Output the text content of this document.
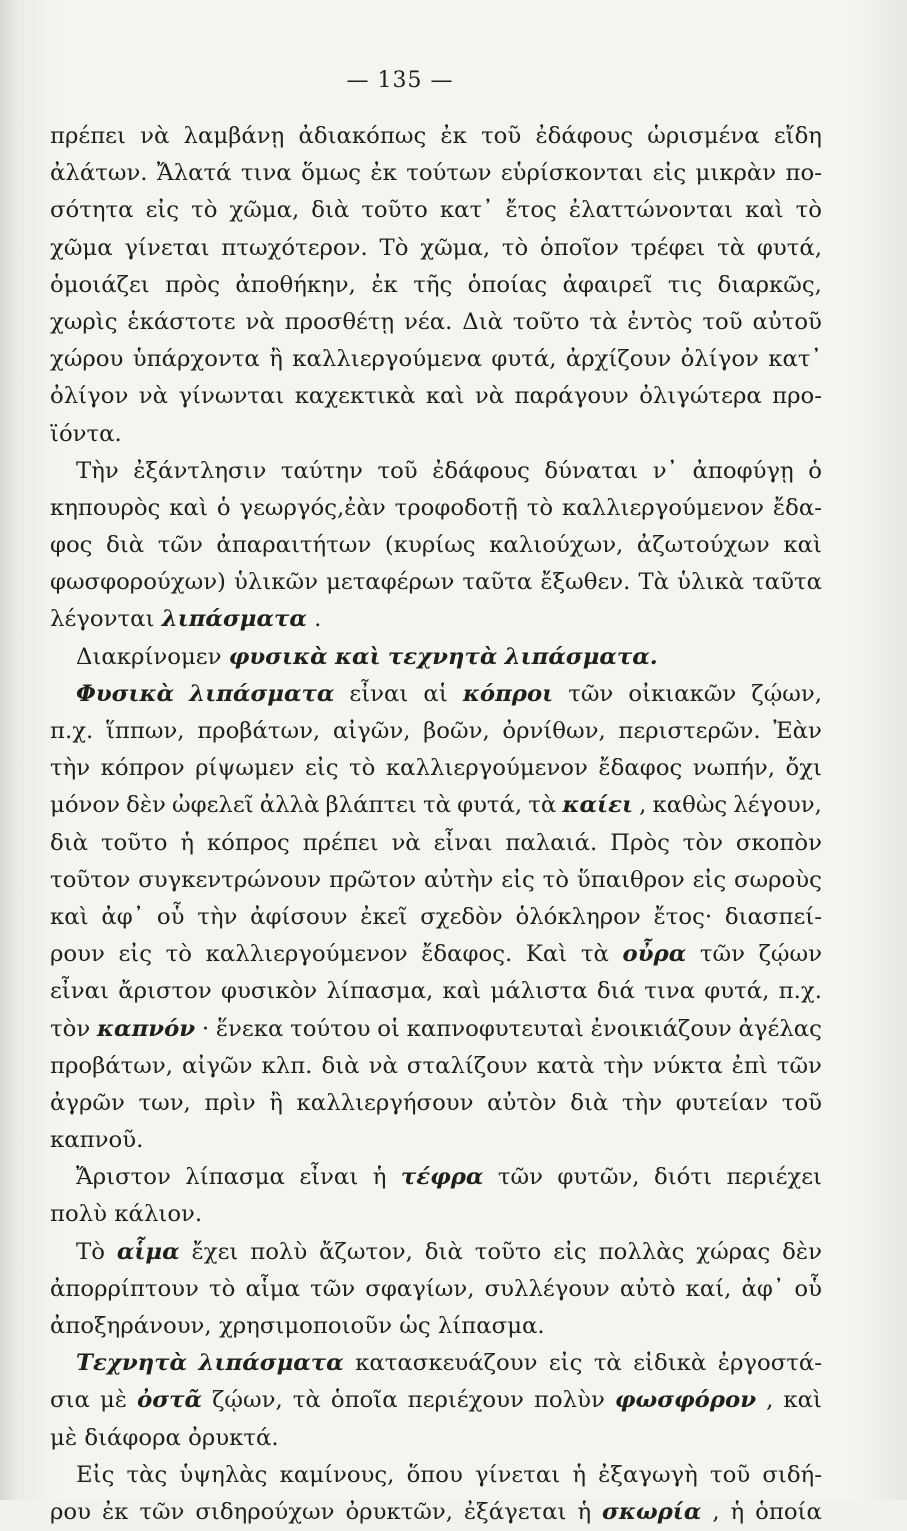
— 135 —
πρέπει νὰ λαμβάνῃ ἀδιακόπως ἐκ τοῦ ἐδάφους ὡρισμένα εἴδη
ἀλάτων. Ἄλατά τινα ὅμως ἐκ τούτων εὑρίσκονται εἰς μικρὰν πο-
σότητα εἰς τὸ χῶμα, διὰ τοῦτο κατ᾽ ἔτος ἐλαττώνονται καὶ τὸ
χῶμα γίνεται πτωχότερον. Τὸ χῶμα, τὸ ὁποῖον τρέφει τὰ φυτά,
ὁμοιάζει πρὸς ἀποθήκην, ἐκ τῆς ὁποίας ἀφαιρεῖ τις διαρκῶς,
χωρὶς ἑκάστοτε νὰ προσθέτῃ νέα. Διὰ τοῦτο τὰ ἐντὸς τοῦ αὐτοῦ
χώρου ὑπάρχοντα ἢ καλλιεργούμενα φυτά, ἀρχίζουν ὀλίγον κατ᾽
ὀλίγον νὰ γίνωνται καχεκτικὰ καὶ νὰ παράγουν ὀλιγώτερα προ-
ϊόντα.
Τὴν ἐξάντλησιν ταύτην τοῦ ἐδάφους δύναται ν᾽ ἀποφύγῃ ὁ
κηπουρὸς καὶ ὁ γεωργός,ἐὰν τροφοδοτῇ τὸ καλλιεργούμενον ἔδα-
φος διὰ τῶν ἀπαραιτήτων (κυρίως καλιούχων, ἀζωτούχων καὶ
φωσφορούχων) ὑλικῶν μεταφέρων ταῦτα ἔξωθεν. Τὰ ὑλικὰ ταῦτα
λέγονται λιπάσματα .
Διακρίνομεν φυσικὰ καὶ τεχνητὰ λιπάσματα.
Φυσικὰ λιπάσματα εἶναι αἱ κόπροι τῶν οἰκιακῶν ζῴων,
π.χ. ἵππων, προβάτων, αἰγῶν, βοῶν, ὀρνίθων, περιστερῶν. Ἐὰν
τὴν κόπρον ρίψωμεν εἰς τὸ καλλιεργούμενον ἔδαφος νωπήν, ὄχι
μόνον δὲν ὠφελεῖ ἀλλὰ βλάπτει τὰ φυτά, τὰ καίει , καθὼς λέγουν,
διὰ τοῦτο ἡ κόπρος πρέπει νὰ εἶναι παλαιά. Πρὸς τὸν σκοπὸν
τοῦτον συγκεντρώνουν πρῶτον αὐτὴν εἰς τὸ ὕπαιθρον εἰς σωροὺς
καὶ ἀφ᾽ οὗ τὴν ἀφίσουν ἐκεῖ σχεδὸν ὁλόκληρον ἔτος· διασπεί-
ρουν εἰς τὸ καλλιεργούμενον ἔδαφος. Καὶ τὰ οὖρα τῶν ζῴων
εἶναι ἄριστον φυσικὸν λίπασμα, καὶ μάλιστα διά τινα φυτά, π.χ.
τὸν καπνόν · ἕνεκα τούτου οἱ καπνοφυτευταὶ ἐνοικιάζουν ἀγέλας
προβάτων, αἰγῶν κλπ. διὰ νὰ σταλίζουν κατὰ τὴν νύκτα ἐπὶ τῶν
ἀγρῶν των, πρὶν ἢ καλλιεργήσουν αὐτὸν διὰ τὴν φυτείαν τοῦ
καπνοῦ.
Ἄριστον λίπασμα εἶναι ἡ τέφρα τῶν φυτῶν, διότι περιέχει
πολὺ κάλιον.
Τὸ αἷμα ἔχει πολὺ ἄζωτον, διὰ τοῦτο εἰς πολλὰς χώρας δὲν
ἀπορρίπτουν τὸ αἷμα τῶν σφαγίων, συλλέγουν αὐτὸ καί, ἀφ᾽ οὗ
ἀποξηράνουν, χρησιμοποιοῦν ὡς λίπασμα.
Τεχνητὰ λιπάσματα κατασκευάζουν εἰς τὰ εἰδικὰ ἐργοστά-
σια μὲ ὀστᾶ ζῴων, τὰ ὁποῖα περιέχουν πολὺν φωσφόρον , καὶ
μὲ διάφορα ὀρυκτά.
Εἰς τὰς ὑψηλὰς καμίνους, ὅπου γίνεται ἡ ἐξαγωγὴ τοῦ σιδή-
ρου ἐκ τῶν σιδηρούχων ὀρυκτῶν, ἐξάγεται ἡ σκωρία , ἡ ὁποία
